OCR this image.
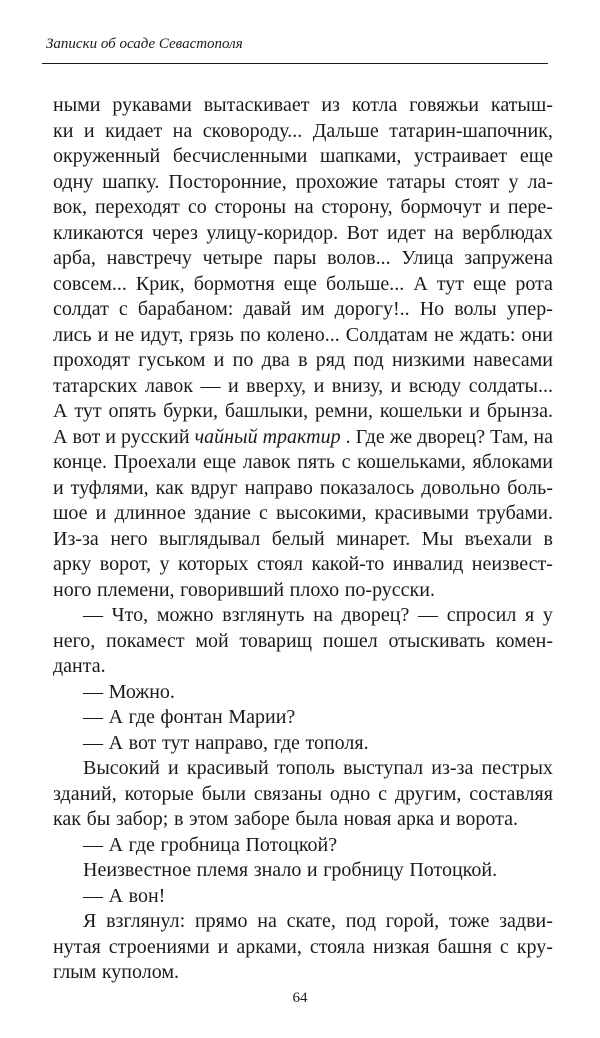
Записки об осаде Севастополя
ными рукавами вытаскивает из котла говяжьи катыш-
ки и кидает на сковороду... Дальше татарин-шапочник,
окруженный бесчисленными шапками, устраивает еще
одну шапку. Посторонние, прохожие татары стоят у ла-
вок, переходят со стороны на сторону, бормочут и пере-
кликаются через улицу-коридор. Вот идет на верблюдах
арба, навстречу четыре пары волов... Улица запружена
совсем... Крик, бормотня еще больше... А тут еще рота
солдат с барабаном: давай им дорогу!.. Но волы упер-
лись и не идут, грязь по колено... Солдатам не ждать: они
проходят гуськом и по два в ряд под низкими навесами
татарских лавок — и вверху, и внизу, и всюду солдаты...
А тут опять бурки, башлыки, ремни, кошельки и брынза.
А вот и русский чайный трактир . Где же дворец? Там, на
конце. Проехали еще лавок пять с кошельками, яблоками
и туфлями, как вдруг направо показалось довольно боль-
шое и длинное здание с высокими, красивыми трубами.
Из-за него выглядывал белый минарет. Мы въехали в
арку ворот, у которых стоял какой-то инвалид неизвест-
ного племени, говоривший плохо по-русски.
— Что, можно взглянуть на дворец? — спросил я у
него, покамест мой товарищ пошел отыскивать комен-
данта.
— Можно.
— А где фонтан Марии?
— А вот тут направо, где тополя.
Высокий и красивый тополь выступал из-за пестрых
зданий, которые были связаны одно с другим, составляя
как бы забор; в этом заборе была новая арка и ворота.
— А где гробница Потоцкой?
Неизвестное племя знало и гробницу Потоцкой.
— А вон!
Я взглянул: прямо на скате, под горой, тоже задви-
нутая строениями и арками, стояла низкая башня с кру-
глым куполом.
64
